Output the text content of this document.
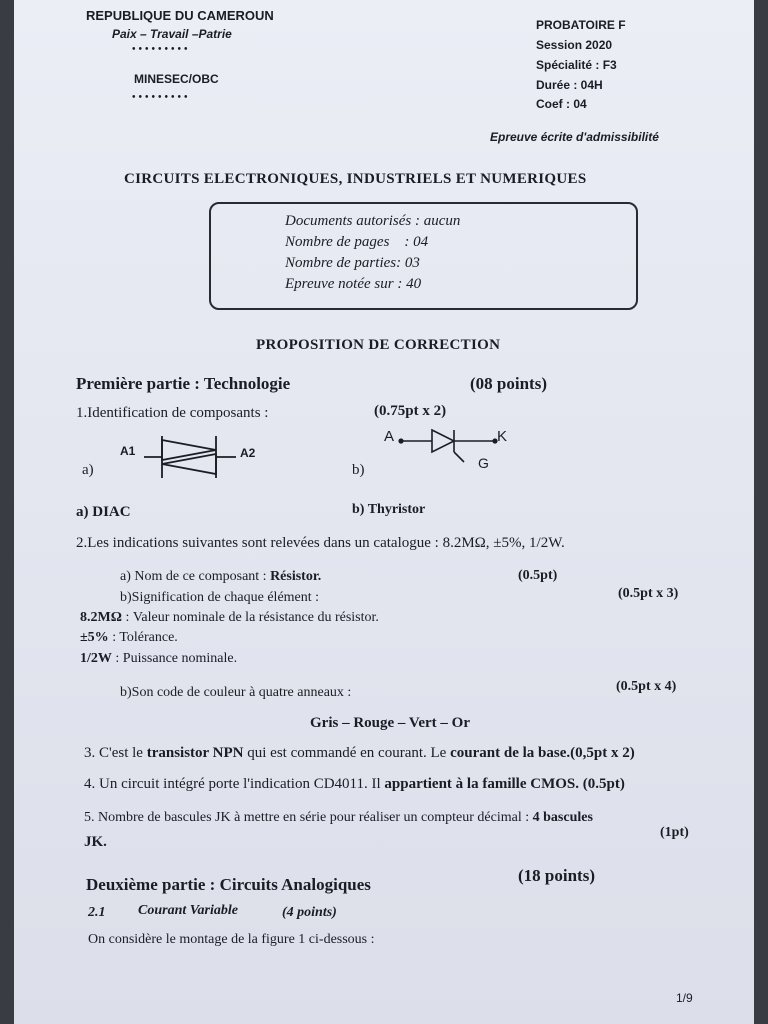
REPUBLIQUE DU CAMEROUN
Paix – Travail –Patrie
•••••••••
MINESEC/OBC
•••••••••
PROBATOIRE F
Session 2020
Spécialité : F3
Durée : 04H
Coef : 04
Epreuve écrite d'admissibilité
CIRCUITS ELECTRONIQUES, INDUSTRIELS ET NUMERIQUES
Documents autorisés : aucun
Nombre de pages    : 04
Nombre de parties: 03
Epreuve notée sur : 40
PROPOSITION DE CORRECTION
Première partie : Technologie	(08 points)
1.Identification de composants :	(0.75pt x 2)
A1	A2
a)
A	K
G
b)
a) DIAC	b) Thyristor
2.Les indications suivantes sont relevées dans un catalogue : 8.2MΩ, ±5%, 1/2W.
a) Nom de ce composant : Résistor.	(0.5pt)
b)Signification de chaque élément :	(0.5pt x 3)
8.2MΩ : Valeur nominale de la résistance du résistor.
±5% : Tolérance.
1/2W : Puissance nominale.
b)Son code de couleur à quatre anneaux :	(0.5pt x 4)
Gris – Rouge – Vert – Or
3. C'est le transistor NPN qui est commandé en courant. Le courant de la base.(0,5pt x 2)
4. Un circuit intégré porte l'indication CD4011. Il appartient à la famille CMOS. (0.5pt)
5. Nombre de bascules JK à mettre en série pour réaliser un compteur décimal : 4 bascules
JK.
(1pt)
Deuxième partie : Circuits Analogiques	(18 points)
2.1 Courant Variable	(4 points)
On considère le montage de la figure 1 ci-dessous :
1/9
